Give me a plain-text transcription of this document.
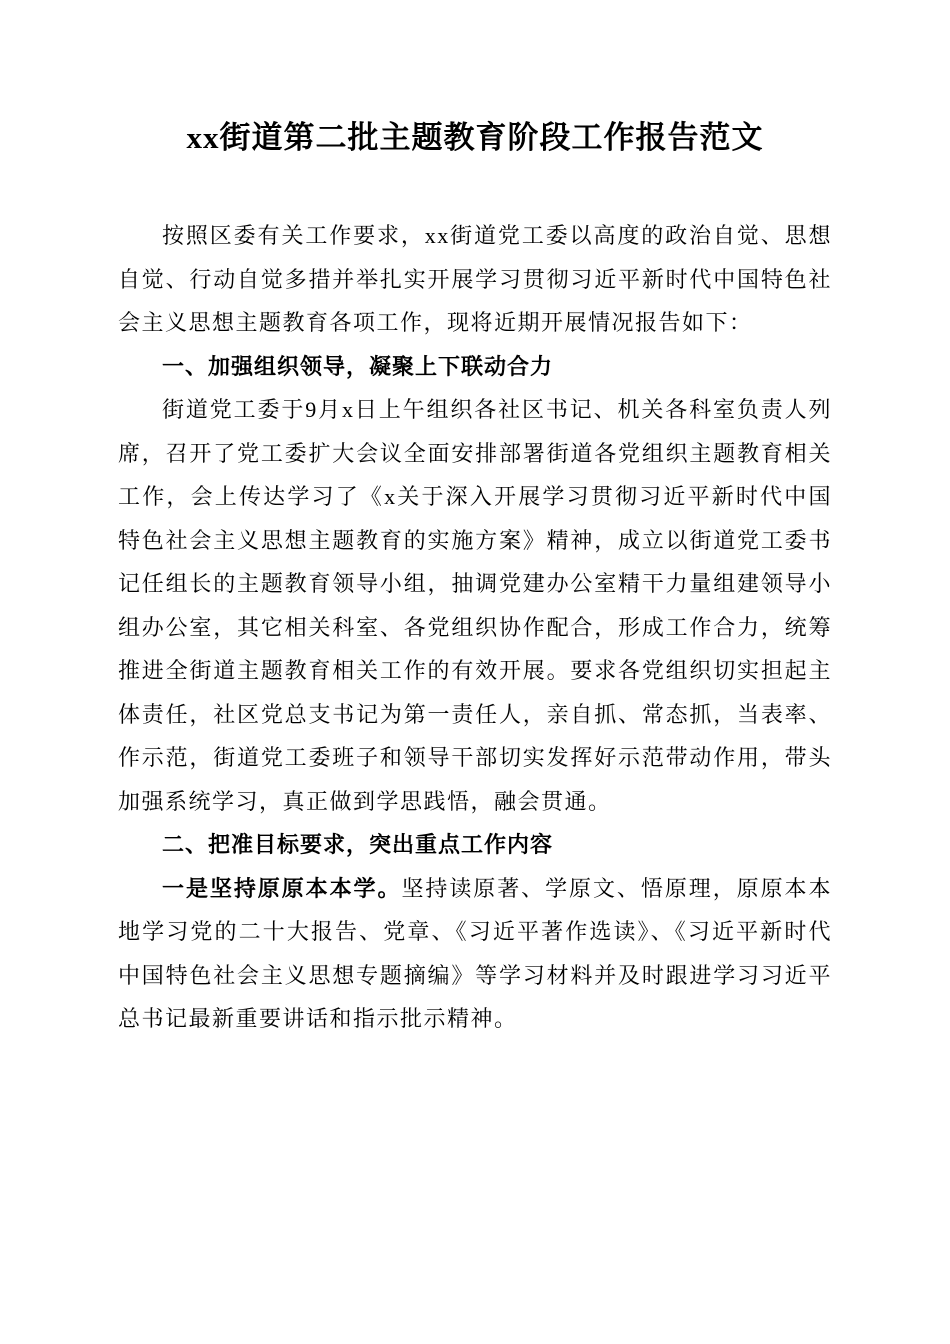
xx街道第二批主题教育阶段工作报告范文

按照区委有关工作要求，xx街道党工委以高度的政治自觉、思想自觉、行动自觉多措并举扎实开展学习贯彻习近平新时代中国特色社会主义思想主题教育各项工作，现将近期开展情况报告如下：

一、加强组织领导，凝聚上下联动合力

街道党工委于9月x日上午组织各社区书记、机关各科室负责人列席，召开了党工委扩大会议全面安排部署街道各党组织主题教育相关工作，会上传达学习了《x关于深入开展学习贯彻习近平新时代中国特色社会主义思想主题教育的实施方案》精神，成立以街道党工委书记任组长的主题教育领导小组，抽调党建办公室精干力量组建领导小组办公室，其它相关科室、各党组织协作配合，形成工作合力，统筹推进全街道主题教育相关工作的有效开展。要求各党组织切实担起主体责任，社区党总支书记为第一责任人，亲自抓、常态抓，当表率、作示范，街道党工委班子和领导干部切实发挥好示范带动作用，带头加强系统学习，真正做到学思践悟，融会贯通。

二、把准目标要求，突出重点工作内容

一是坚持原原本本学。坚持读原著、学原文、悟原理，原原本本地学习党的二十大报告、党章、《习近平著作选读》、《习近平新时代中国特色社会主义思想专题摘编》等学习材料并及时跟进学习习近平总书记最新重要讲话和指示批示精神。
